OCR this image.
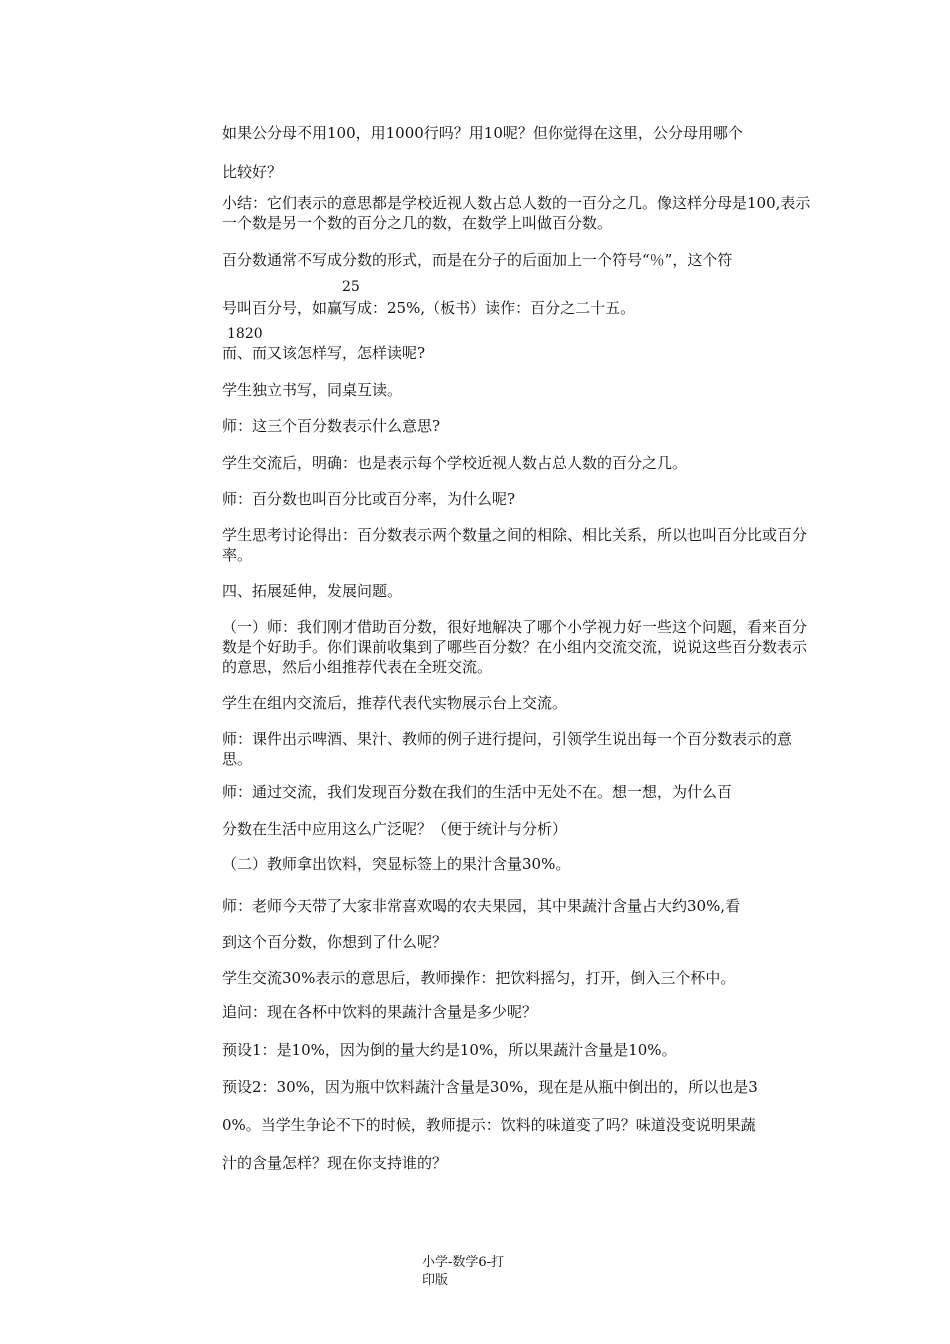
如果公分母不用100，用1000行吗？用10呢？但你觉得在这里，公分母用哪个
比较好？
小结：它们表示的意思都是学校近视人数占总人数的一百分之几。像这样分母是100,表示一个数是另一个数的百分之几的数，在数学上叫做百分数。
百分数通常不写成分数的形式，而是在分子的后面加上一个符号“％”，这个符
25
号叫百分号，如赢写成：25%,（板书）读作：百分之二十五。
1820
而、而又该怎样写，怎样读呢?
学生独立书写，同桌互读。
师：这三个百分数表示什么意思?
学生交流后，明确：也是表示每个学校近视人数占总人数的百分之几。
师：百分数也叫百分比或百分率，为什么呢?
学生思考讨论得出：百分数表示两个数量之间的相除、相比关系，所以也叫百分比或百分率。
四、拓展延伸，发展问题。
（一）师：我们刚才借助百分数，很好地解决了哪个小学视力好一些这个问题，看来百分数是个好助手。你们课前收集到了哪些百分数？在小组内交流交流，说说这些百分数表示的意思，然后小组推荐代表在全班交流。
学生在组内交流后，推荐代表代实物展示台上交流。
师：课件出示啤酒、果汁、教师的例子进行提问，引领学生说出每一个百分数表示的意思。
师：通过交流，我们发现百分数在我们的生活中无处不在。想一想，为什么百
分数在生活中应用这么广泛呢？（便于统计与分析）
（二）教师拿出饮料，突显标签上的果汁含量30%。
师：老师今天带了大家非常喜欢喝的农夫果园，其中果蔬汁含量占大约30%,看
到这个百分数，你想到了什么呢？
学生交流30%表示的意思后，教师操作：把饮料摇匀，打开，倒入三个杯中。
追问：现在各杯中饮料的果蔬汁含量是多少呢？
预设1：是10%，因为倒的量大约是10%，所以果蔬汁含量是10%。
预设2：30%，因为瓶中饮料蔬汁含量是30%，现在是从瓶中倒出的，所以也是3
0%。当学生争论不下的时候，教师提示：饮料的味道变了吗？味道没变说明果蔬
汁的含量怎样？现在你支持谁的？
小学-数学6-打
印版
